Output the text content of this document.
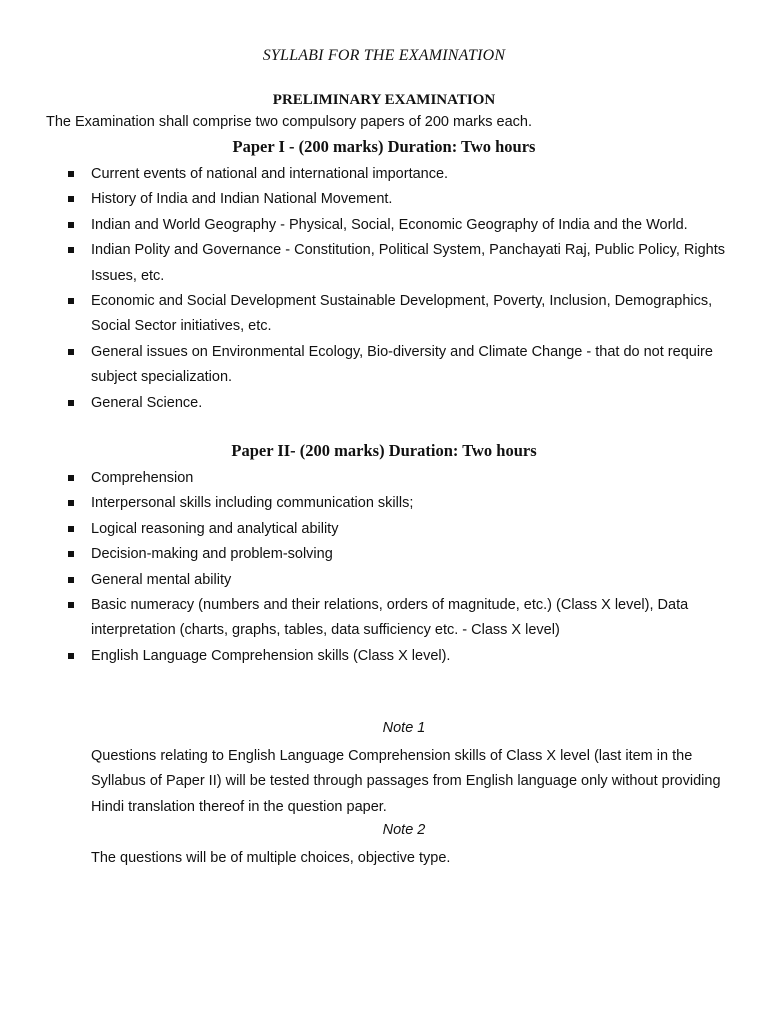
SYLLABI FOR THE EXAMINATION
PRELIMINARY EXAMINATION
The Examination shall comprise two compulsory papers of 200 marks each.
Paper I - (200 marks) Duration: Two hours
Current events of national and international importance.
History of India and Indian National Movement.
Indian and World Geography - Physical, Social, Economic Geography of India and the World.
Indian Polity and Governance - Constitution, Political System, Panchayati Raj, Public Policy, Rights Issues, etc.
Economic and Social Development Sustainable Development, Poverty, Inclusion, Demographics, Social Sector initiatives, etc.
General issues on Environmental Ecology, Bio-diversity and Climate Change - that do not require subject specialization.
General Science.
Paper II- (200 marks) Duration: Two hours
Comprehension
Interpersonal skills including communication skills;
Logical reasoning and analytical ability
Decision-making and problem-solving
General mental ability
Basic numeracy (numbers and their relations, orders of magnitude, etc.) (Class X level), Data interpretation (charts, graphs, tables, data sufficiency etc. - Class X level)
English Language Comprehension skills (Class X level).
Note 1
Questions relating to English Language Comprehension skills of Class X level (last item in the Syllabus of Paper II) will be tested through passages from English language only without providing Hindi translation thereof in the question paper.
Note 2
The questions will be of multiple choices, objective type.
